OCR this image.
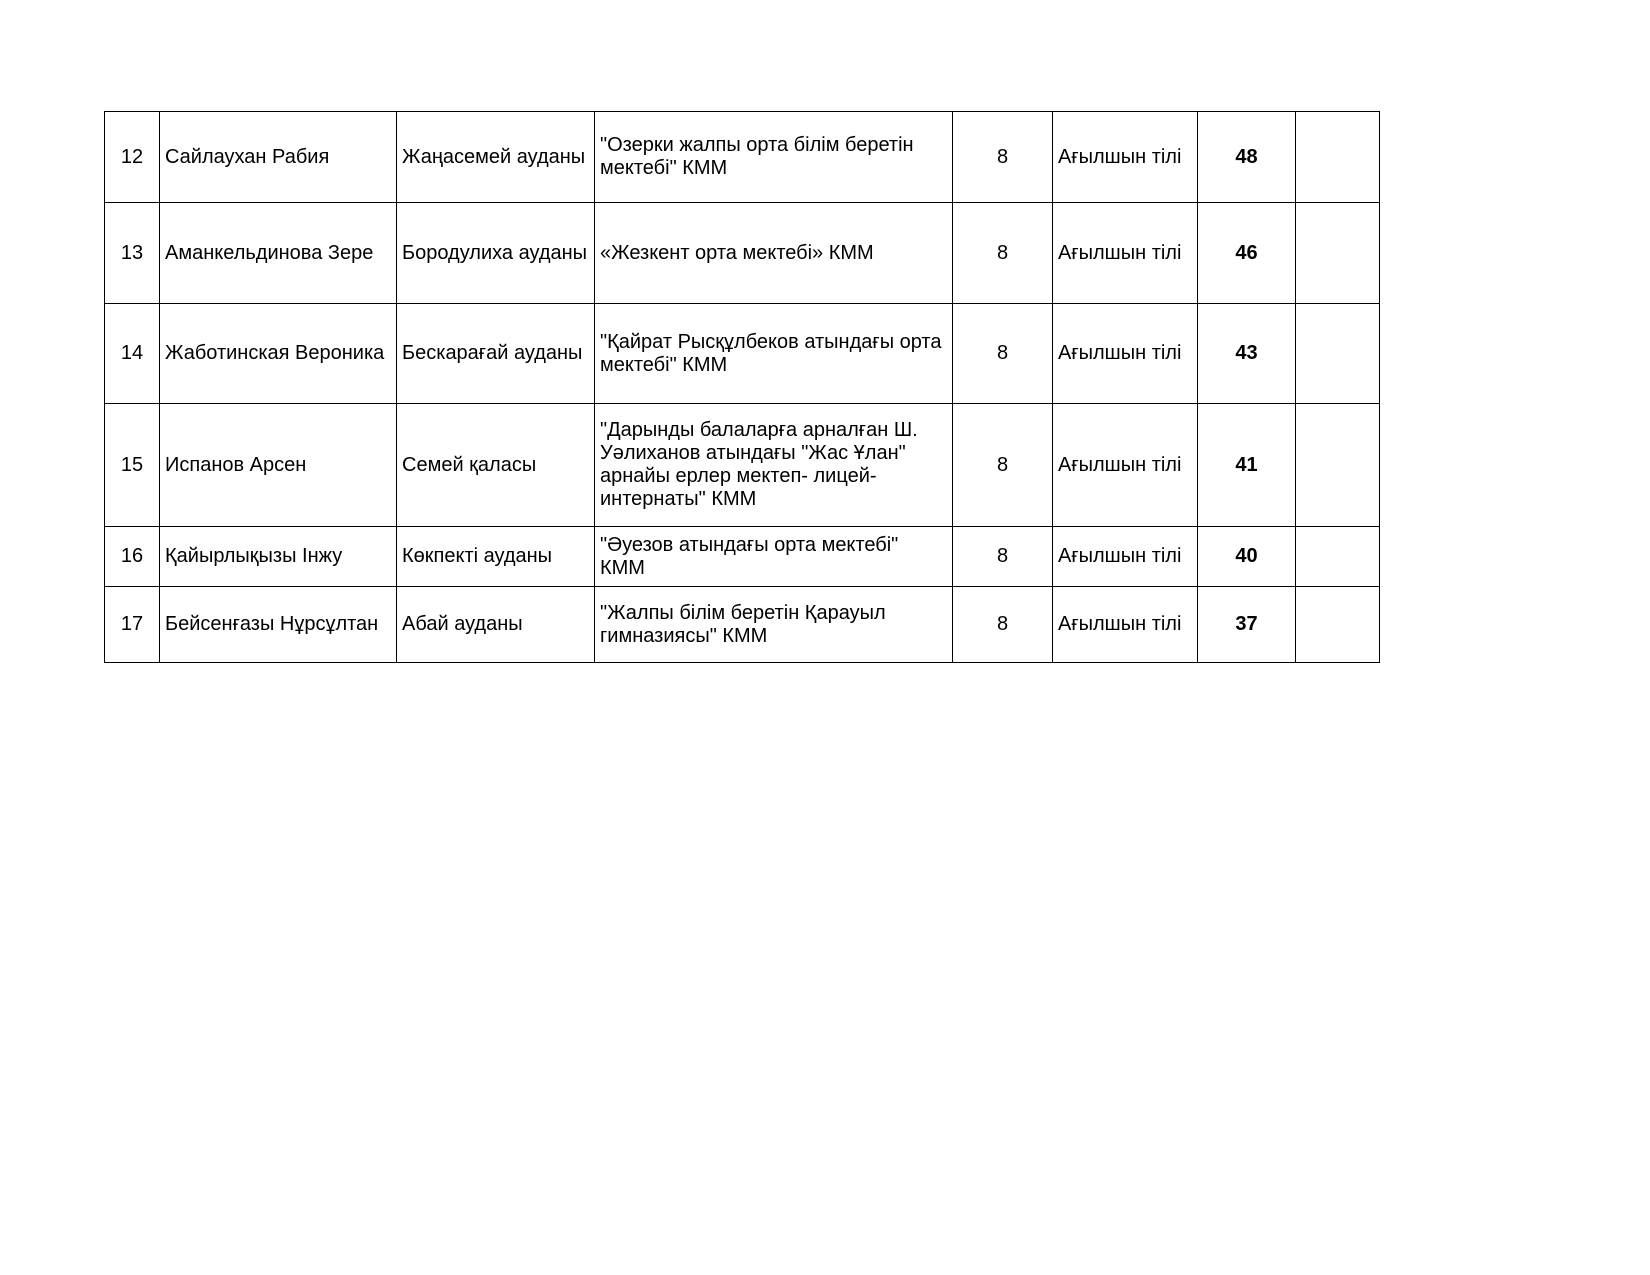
12	Сайлаухан Рабия	Жаңасемей ауданы	"Озерки жалпы орта білім беретін мектебі" КММ	8	Ағылшын тілі	48	
13	Аманкельдинова Зере	Бородулиха ауданы	«Жезкент орта мектебі» КММ	8	Ағылшын тілі	46	
14	Жаботинская Вероника	Бескарағай ауданы	"Қайрат Рысқұлбеков атындағы орта мектебі" КММ	8	Ағылшын тілі	43	
15	Испанов Арсен	Семей қаласы	"Дарынды балаларға арналған Ш. Уәлиханов атындағы "Жас Ұлан" арнайы ерлер мектеп- лицей- интернаты" КММ	8	Ағылшын тілі	41	
16	Қайырлықызы Інжу	Көкпекті ауданы	"Әуезов атындағы орта мектебі" КММ	8	Ағылшын тілі	40	
17	Бейсенғазы Нұрсұлтан	Абай ауданы	"Жалпы білім беретін Қарауыл гимназиясы" КММ	8	Ағылшын тілі	37	
